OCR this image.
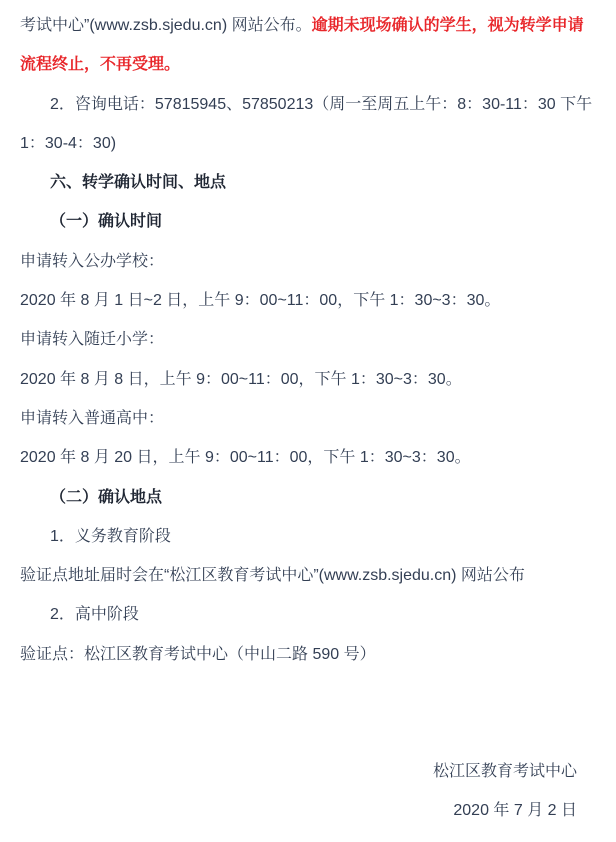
考试中心”(www.zsb.sjedu.cn) 网站公布。逾期未现场确认的学生，视为转学申请流程终止，不再受理。

2．咨询电话：57815945、57850213（周一至周五上午：8：30-11：30 下午 1：30-4：30)

六、转学确认时间、地点

（一）确认时间

申请转入公办学校：

2020 年 8 月 1 日~2 日，上午 9：00~11：00，下午 1：30~3：30。

申请转入随迁小学：

2020 年 8 月 8 日，上午 9：00~11：00，下午 1：30~3：30。

申请转入普通高中：

2020 年 8 月 20 日，上午 9：00~11：00，下午 1：30~3：30。

（二）确认地点

1．义务教育阶段

验证点地址届时会在“松江区教育考试中心”(www.zsb.sjedu.cn) 网站公布

2．高中阶段

验证点：松江区教育考试中心（中山二路 590 号）

松江区教育考试中心

2020 年 7 月 2 日
